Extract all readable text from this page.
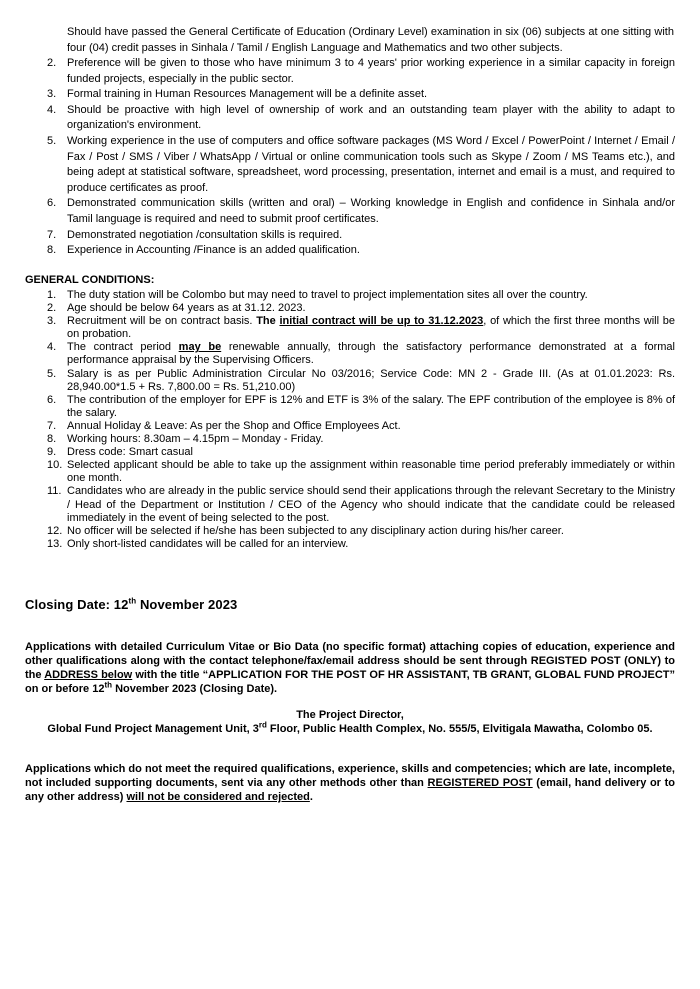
Should have passed the General Certificate of Education (Ordinary Level) examination in six (06) subjects at one sitting with four (04) credit passes in Sinhala / Tamil / English Language and Mathematics and two other subjects.
2. Preference will be given to those who have minimum 3 to 4 years' prior working experience in a similar capacity in foreign funded projects, especially in the public sector.
3. Formal training in Human Resources Management will be a definite asset.
4. Should be proactive with high level of ownership of work and an outstanding team player with the ability to adapt to organization's environment.
5. Working experience in the use of computers and office software packages (MS Word / Excel / PowerPoint / Internet / Email / Fax / Post / SMS / Viber / WhatsApp / Virtual or online communication tools such as Skype / Zoom / MS Teams etc.), and being adept at statistical software, spreadsheet, word processing, presentation, internet and email is a must, and required to produce certificates as proof.
6. Demonstrated communication skills (written and oral) – Working knowledge in English and confidence in Sinhala and/or Tamil language is required and need to submit proof certificates.
7. Demonstrated negotiation /consultation skills is required.
8. Experience in Accounting /Finance is an added qualification.
GENERAL CONDITIONS:
1. The duty station will be Colombo but may need to travel to project implementation sites all over the country.
2. Age should be below 64 years as at 31.12. 2023.
3. Recruitment will be on contract basis. The initial contract will be up to 31.12.2023, of which the first three months will be on probation.
4. The contract period may be renewable annually, through the satisfactory performance demonstrated at a formal performance appraisal by the Supervising Officers.
5. Salary is as per Public Administration Circular No 03/2016; Service Code: MN 2 - Grade III. (As at 01.01.2023: Rs. 28,940.00*1.5 + Rs. 7,800.00 = Rs. 51,210.00)
6. The contribution of the employer for EPF is 12% and ETF is 3% of the salary. The EPF contribution of the employee is 8% of the salary.
7. Annual Holiday & Leave: As per the Shop and Office Employees Act.
8. Working hours: 8.30am – 4.15pm – Monday - Friday.
9. Dress code: Smart casual
10. Selected applicant should be able to take up the assignment within reasonable time period preferably immediately or within one month.
11. Candidates who are already in the public service should send their applications through the relevant Secretary to the Ministry / Head of the Department or Institution / CEO of the Agency who should indicate that the candidate could be released immediately in the event of being selected to the post.
12. No officer will be selected if he/she has been subjected to any disciplinary action during his/her career.
13. Only short-listed candidates will be called for an interview.
Closing Date: 12th November 2023
Applications with detailed Curriculum Vitae or Bio Data (no specific format) attaching copies of education, experience and other qualifications along with the contact telephone/fax/email address should be sent through REGISTED POST (ONLY) to the ADDRESS below with the title “APPLICATION FOR THE POST OF HR ASSISTANT, TB GRANT, GLOBAL FUND PROJECT” on or before 12th November 2023 (Closing Date).
The Project Director,
Global Fund Project Management Unit, 3rd Floor, Public Health Complex, No. 555/5, Elvitigala Mawatha, Colombo 05.
Applications which do not meet the required qualifications, experience, skills and competencies; which are late, incomplete, not included supporting documents, sent via any other methods other than REGISTERED POST (email, hand delivery or to any other address) will not be considered and rejected.
